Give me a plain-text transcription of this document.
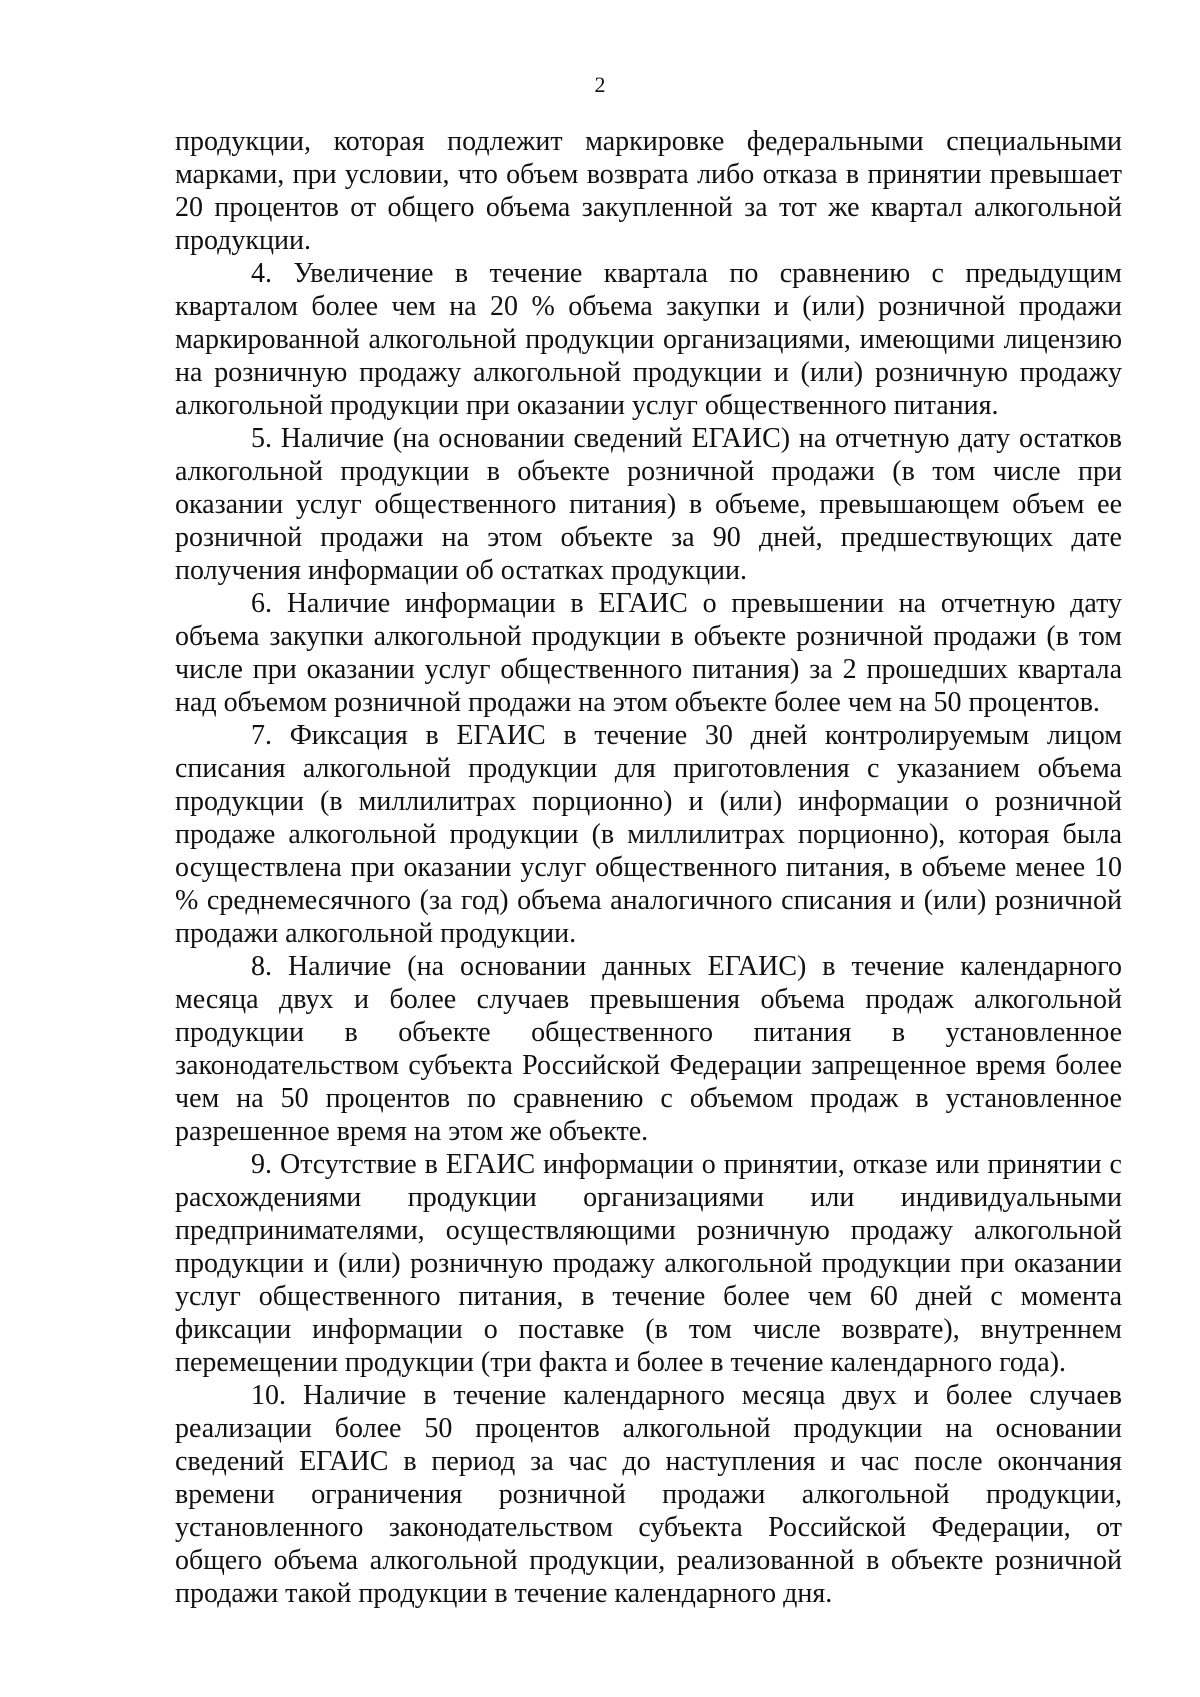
2

продукции, которая подлежит маркировке федеральными специальными марками, при условии, что объем возврата либо отказа в принятии превышает 20 процентов от общего объема закупленной за тот же квартал алкогольной продукции.

4. Увеличение в течение квартала по сравнению с предыдущим кварталом более чем на 20 % объема закупки и (или) розничной продажи маркированной алкогольной продукции организациями, имеющими лицензию на розничную продажу алкогольной продукции и (или) розничную продажу алкогольной продукции при оказании услуг общественного питания.

5. Наличие (на основании сведений ЕГАИС) на отчетную дату остатков алкогольной продукции в объекте розничной продажи (в том числе при оказании услуг общественного питания) в объеме, превышающем объем ее розничной продажи на этом объекте за 90 дней, предшествующих дате получения информации об остатках продукции.

6. Наличие информации в ЕГАИС о превышении на отчетную дату объема закупки алкогольной продукции в объекте розничной продажи (в том числе при оказании услуг общественного питания) за 2 прошедших квартала над объемом розничной продажи на этом объекте более чем на 50 процентов.

7. Фиксация в ЕГАИС в течение 30 дней контролируемым лицом списания алкогольной продукции для приготовления с указанием объема продукции (в миллилитрах порционно) и (или) информации о розничной продаже алкогольной продукции (в миллилитрах порционно), которая была осуществлена при оказании услуг общественного питания, в объеме менее 10 % среднемесячного (за год) объема аналогичного списания и (или) розничной продажи алкогольной продукции.

8. Наличие (на основании данных ЕГАИС) в течение календарного месяца двух и более случаев превышения объема продаж алкогольной продукции в объекте общественного питания в установленное законодательством субъекта Российской Федерации запрещенное время более чем на 50 процентов по сравнению с объемом продаж в установленное разрешенное время на этом же объекте.

9. Отсутствие в ЕГАИС информации о принятии, отказе или принятии с расхождениями продукции организациями или индивидуальными предпринимателями, осуществляющими розничную продажу алкогольной продукции и (или) розничную продажу алкогольной продукции при оказании услуг общественного питания, в течение более чем 60 дней с момента фиксации информации о поставке (в том числе возврате), внутреннем перемещении продукции (три факта и более в течение календарного года).

10. Наличие в течение календарного месяца двух и более случаев реализации более 50 процентов алкогольной продукции на основании сведений ЕГАИС в период за час до наступления и час после окончания времени ограничения розничной продажи алкогольной продукции, установленного законодательством субъекта Российской Федерации, от общего объема алкогольной продукции, реализованной в объекте розничной продажи такой продукции в течение календарного дня.
